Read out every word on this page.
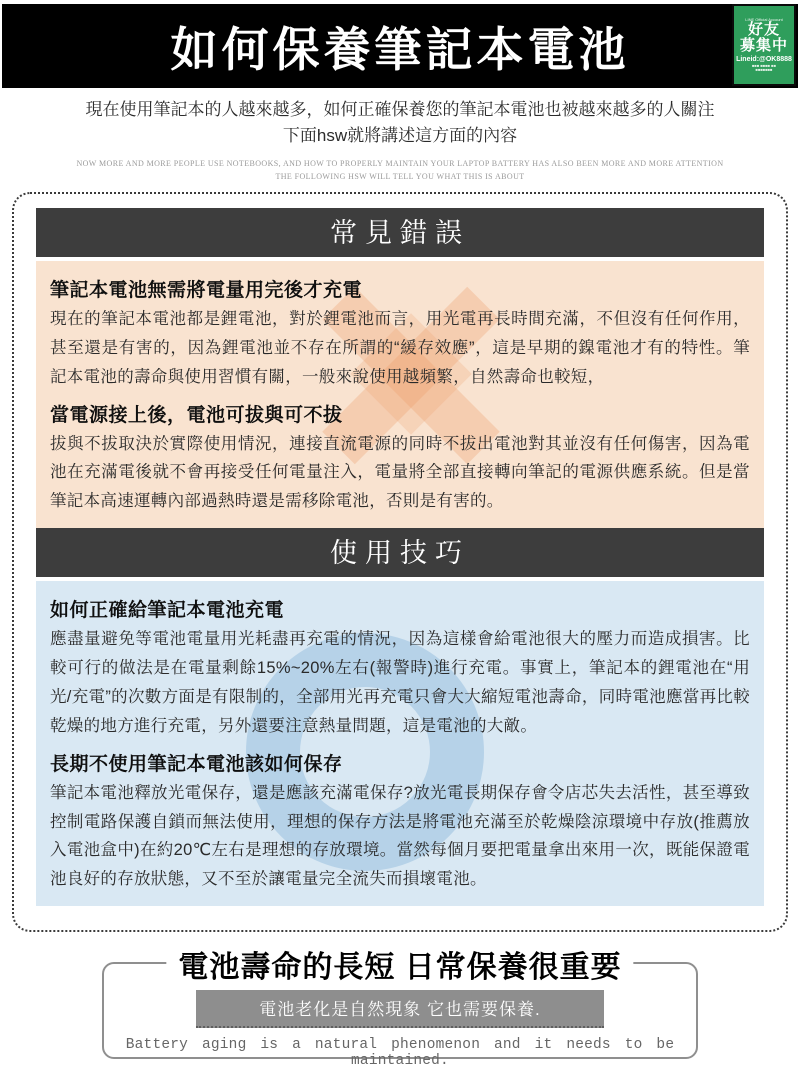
如何保養筆記本電池
LINE Official Account
好友
募集中
Lineid:@OK8888
■■■ ■■■■ ■■
■■■■■■■
現在使用筆記本的人越來越多，如何正確保養您的筆記本電池也被越來越多的人關注
下面hsw就將講述這方面的內容
NOW MORE AND MORE PEOPLE USE NOTEBOOKS, AND HOW TO PROPERLY MAINTAIN YOUR LAPTOP BATTERY HAS ALSO BEEN MORE AND MORE ATTENTION
THE FOLLOWING HSW WILL TELL YOU WHAT THIS IS ABOUT
常見錯誤
筆記本電池無需將電量用完後才充電

現在的筆記本電池都是鋰電池，對於鋰電池而言，用光電再長時間充滿，不但沒有任何作用，甚至還是有害的，因為鋰電池並不存在所謂的“緩存效應”，這是早期的鎳電池才有的特性。筆記本電池的壽命與使用習慣有關，一般來說使用越頻繁，自然壽命也較短，

當電源接上後，電池可拔與可不拔

拔與不拔取決於實際使用情況，連接直流電源的同時不拔出電池對其並沒有任何傷害，因為電池在充滿電後就不會再接受任何電量注入，電量將全部直接轉向筆記的電源供應系統。但是當筆記本高速運轉內部過熱時還是需移除電池，否則是有害的。

使用技巧
如何正確給筆記本電池充電

應盡量避免等電池電量用光耗盡再充電的情況，因為這樣會給電池很大的壓力而造成損害。比較可行的做法是在電量剩餘15%~20%左右(報警時)進行充電。事實上，筆記本的鋰電池在“用光/充電”的次數方面是有限制的，全部用光再充電只會大大縮短電池壽命，同時電池應當再比較乾燥的地方進行充電，另外還要注意熱量問題，這是電池的大敵。

長期不使用筆記本電池該如何保存

筆記本電池釋放光電保存，還是應該充滿電保存?放光電長期保存會令店芯失去活性，甚至導致控制電路保護自鎖而無法使用，理想的保存方法是將電池充滿至於乾燥陰涼環境中存放(推薦放入電池盒中)在約20℃左右是理想的存放環境。當然每個月要把電量拿出來用一次，既能保證電池良好的存放狀態，又不至於讓電量完全流失而損壞電池。

電池壽命的長短 日常保養很重要
電池老化是自然現象 它也需要保養.
Battery aging is a natural phenomenon and it needs to be maintained.
